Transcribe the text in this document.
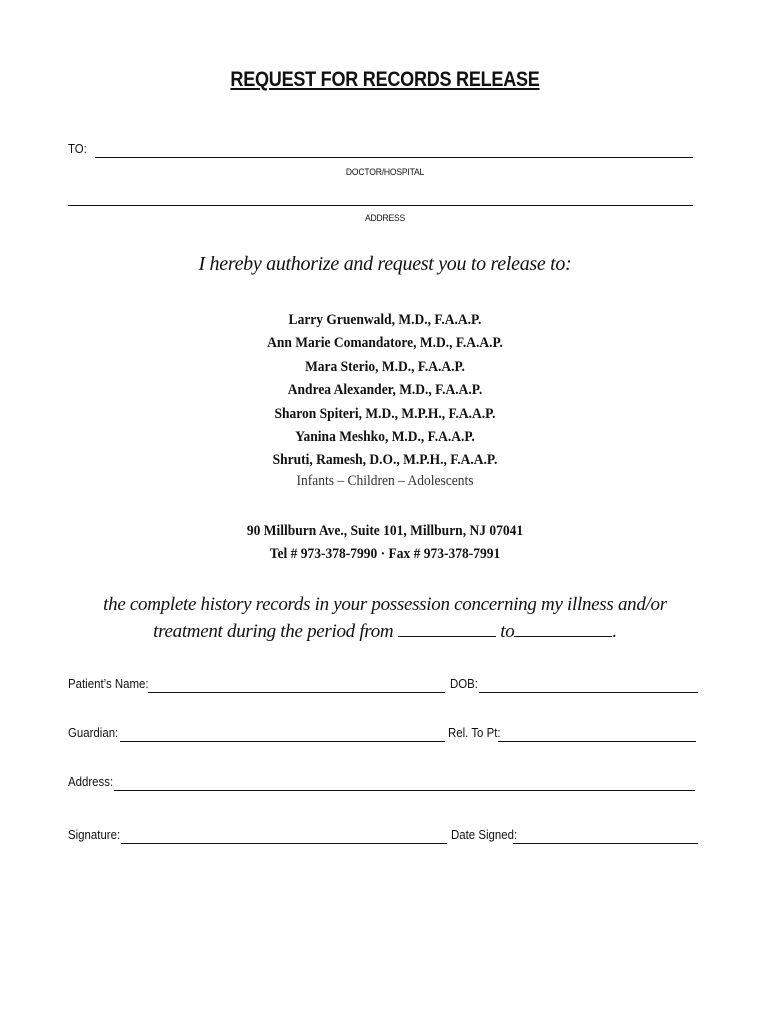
REQUEST FOR RECORDS RELEASE
TO:
DOCTOR/HOSPITAL
ADDRESS
I hereby authorize and request you to release to:
Larry Gruenwald, M.D., F.A.A.P.
Ann Marie Comandatore, M.D., F.A.A.P.
Mara Sterio, M.D., F.A.A.P.
Andrea Alexander, M.D., F.A.A.P.
Sharon Spiteri, M.D., M.P.H., F.A.A.P.
Yanina Meshko, M.D., F.A.A.P.
Shruti, Ramesh, D.O., M.P.H., F.A.A.P.
Infants – Children – Adolescents
90 Millburn Ave., Suite 101, Millburn, NJ 07041
Tel # 973-378-7990 · Fax # 973-378-7991
the complete history records in your possession concerning my illness and/or
treatment during the period from	to	.
Patient’s Name:	DOB:
Guardian:	Rel. To Pt:
Address:
Signature:	Date Signed:
